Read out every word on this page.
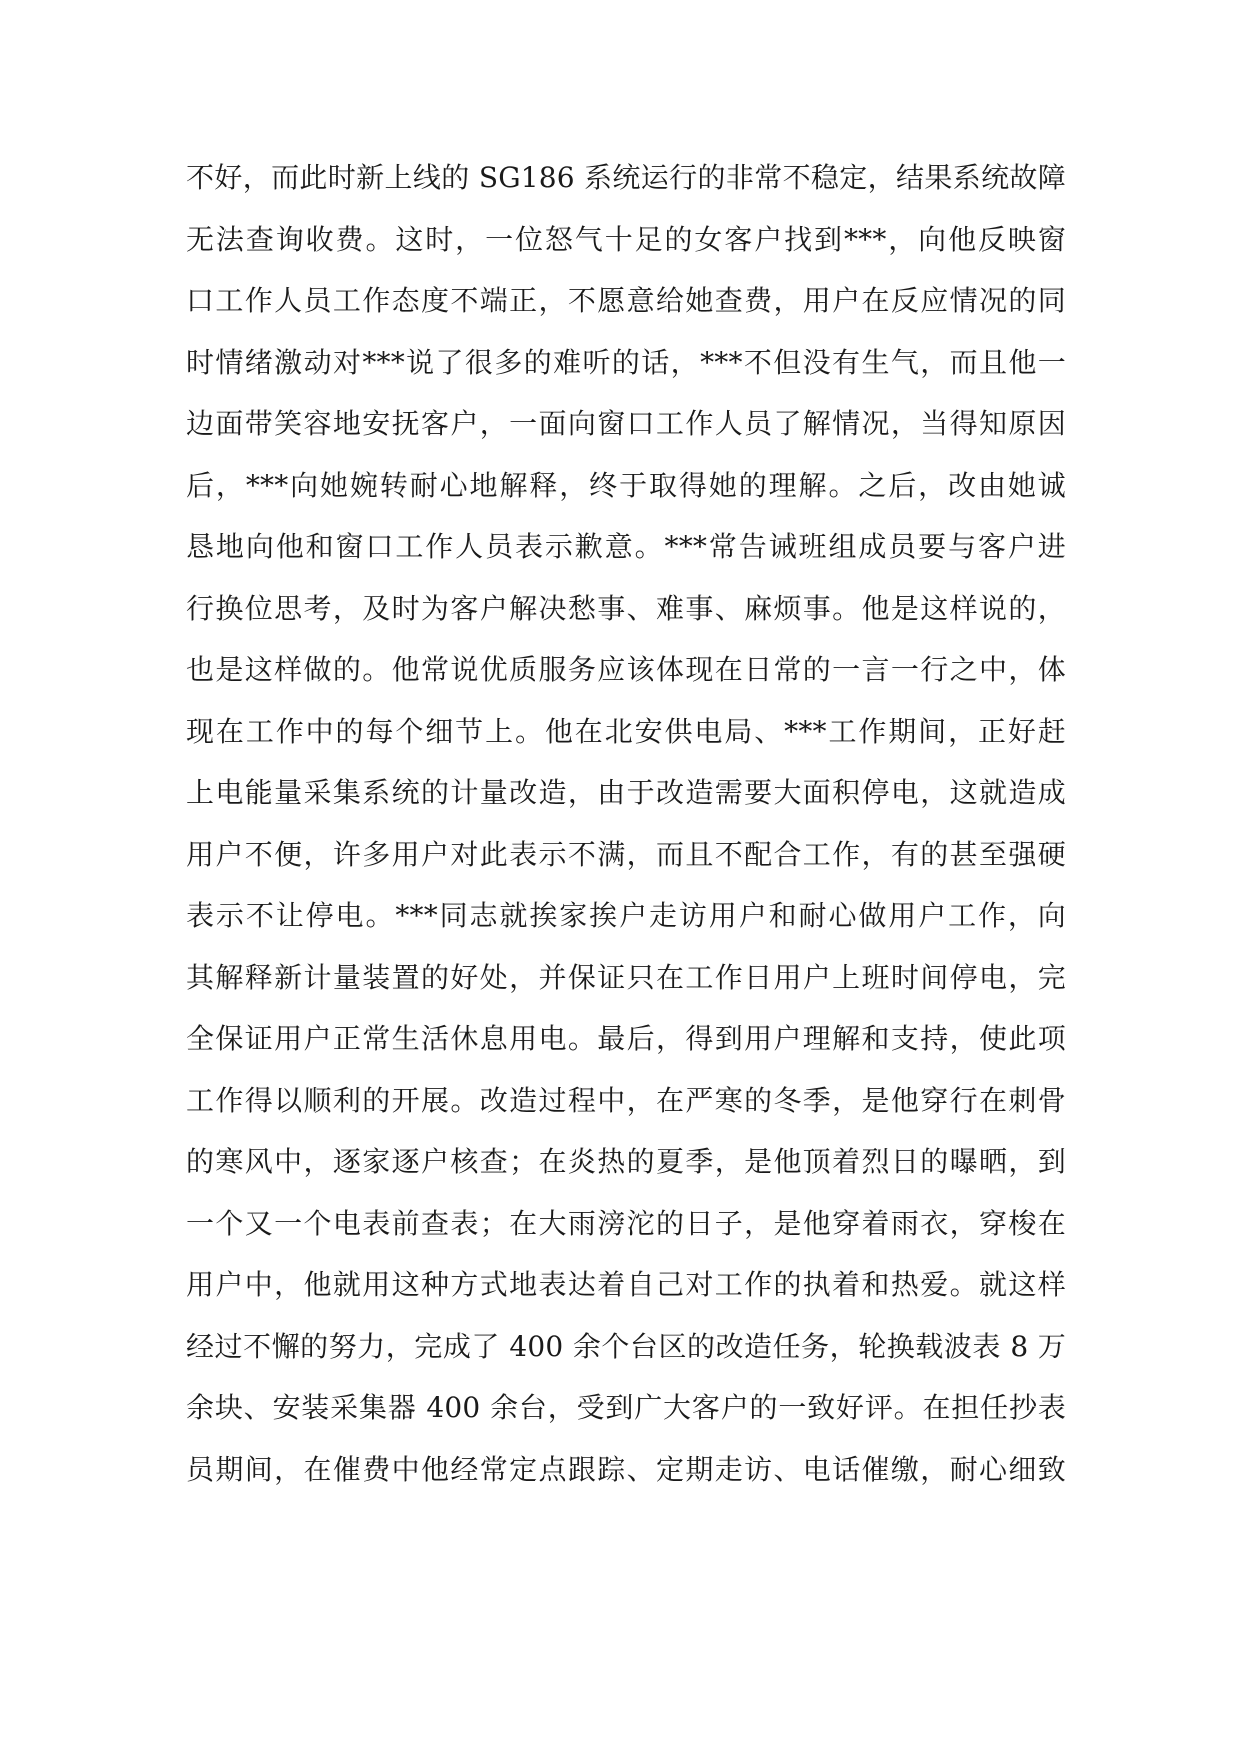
不好，而此时新上线的 SG186 系统运行的非常不稳定，结果系统故障
无法查询收费。这时，一位怒气十足的女客户找到***，向他反映窗
口工作人员工作态度不端正，不愿意给她查费，用户在反应情况的同
时情绪激动对***说了很多的难听的话，***不但没有生气，而且他一
边面带笑容地安抚客户，一面向窗口工作人员了解情况，当得知原因
后，***向她婉转耐心地解释，终于取得她的理解。之后，改由她诚
恳地向他和窗口工作人员表示歉意。***常告诫班组成员要与客户进
行换位思考，及时为客户解决愁事、难事、麻烦事。他是这样说的，
也是这样做的。他常说优质服务应该体现在日常的一言一行之中，体
现在工作中的每个细节上。他在北安供电局、***工作期间，正好赶
上电能量采集系统的计量改造，由于改造需要大面积停电，这就造成
用户不便，许多用户对此表示不满，而且不配合工作，有的甚至强硬
表示不让停电。***同志就挨家挨户走访用户和耐心做用户工作，向
其解释新计量装置的好处，并保证只在工作日用户上班时间停电，完
全保证用户正常生活休息用电。最后，得到用户理解和支持，使此项
工作得以顺利的开展。改造过程中，在严寒的冬季，是他穿行在刺骨
的寒风中，逐家逐户核查；在炎热的夏季，是他顶着烈日的曝晒，到
一个又一个电表前查表；在大雨滂沱的日子，是他穿着雨衣，穿梭在
用户中，他就用这种方式地表达着自己对工作的执着和热爱。就这样
经过不懈的努力，完成了 400 余个台区的改造任务，轮换载波表 8 万
余块、安装采集器 400 余台，受到广大客户的一致好评。在担任抄表
员期间，在催费中他经常定点跟踪、定期走访、电话催缴，耐心细致
